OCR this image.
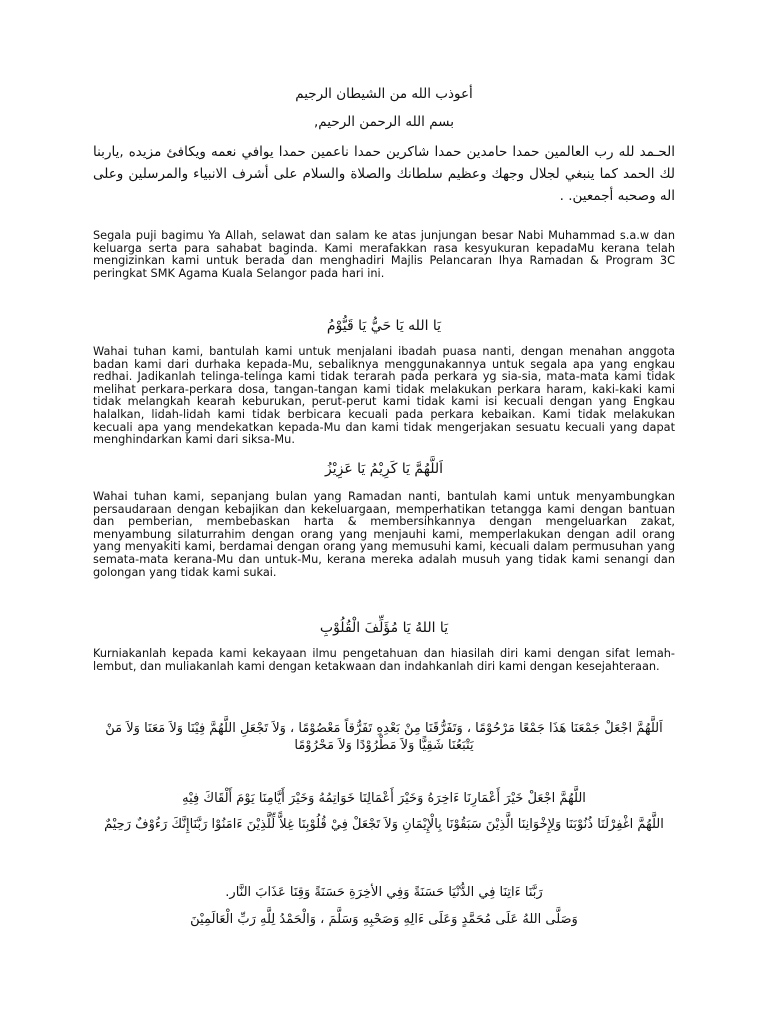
أعوذب الله من الشيطان الرجيم
بسم الله الرحمن الرحيم,
الحـمد لله رب العالمين حمدا حامدين حمدا شاكرين حمدا ناعمين حمدا يوافي نعمه ويكافئ مزيده ,ياربنا لك الحمد كما ينبغي لجلال وجهك وعظيم سلطانك والصلاة والسلام على أشرف الانبياء والمرسلين وعلى اله وصحبه أجمعين. .
Segala puji bagimu Ya Allah, selawat dan salam ke atas junjungan besar Nabi Muhammad s.a.w dan keluarga serta para sahabat baginda. Kami merafakkan rasa kesyukuran kepadaMu kerana telah mengizinkan kami untuk berada dan menghadiri Majlis Pelancaran Ihya Ramadan & Program 3C peringkat SMK Agama Kuala Selangor pada hari ini.
يَا الله يَا حَيُّ يَا قَيُّوْمُ
Wahai tuhan kami, bantulah kami untuk menjalani ibadah puasa nanti, dengan menahan anggota badan kami dari durhaka kepada-Mu, sebaliknya menggunakannya untuk segala apa yang engkau redhai. Jadikanlah telinga-telinga kami tidak terarah pada perkara yg sia-sia, mata-mata kami tidak melihat perkara-perkara dosa, tangan-tangan kami tidak melakukan perkara haram, kaki-kaki kami tidak melangkah kearah keburukan, perut-perut kami tidak kami isi kecuali dengan yang Engkau halalkan, lidah-lidah kami tidak berbicara kecuali pada perkara kebaikan. Kami tidak melakukan kecuali apa yang mendekatkan kepada-Mu dan kami tidak mengerjakan sesuatu kecuali yang dapat menghindarkan kami dari siksa-Mu.
اَللَّهُمَّ يَا كَرِيْمُ يَا عَزِيْزُ
Wahai tuhan kami, sepanjang bulan yang Ramadan nanti, bantulah kami untuk menyambungkan persaudaraan dengan kebajikan dan kekeluargaan, memperhatikan tetangga kami dengan bantuan dan pemberian, membebaskan harta & membersihkannya dengan mengeluarkan zakat, menyambung silaturrahim dengan orang yang menjauhi kami, memperlakukan dengan adil orang yang menyakiti kami, berdamai dengan orang yang memusuhi kami, kecuali dalam permusuhan yang semata-mata kerana-Mu dan untuk-Mu, kerana mereka adalah musuh yang tidak kami senangi dan golongan yang tidak kami sukai.
يَا اللهُ يَا مُؤَلِّفَ الْقُلُوْبِ
Kurniakanlah kepada kami kekayaan ilmu pengetahuan dan hiasilah diri kami dengan sifat lemah-lembut, dan muliakanlah kami dengan ketakwaan dan indahkanlah diri kami dengan kesejahteraan.
اَللَّهُمَّ اجْعَلْ جَمْعَنَا هَذَا جَمْعًا مَرْحُوْمًا ، وَتَفَرُّقَنَا مِنْ بَعْدِهِ تَفَرُّقاً مَعْصُوْمًا ، وَلاَ تَجْعَلِ اللَّهُمَّ فِيْنَا وَلاَ مَعَنَا وَلاَ مَنْ يَتْبَعُنَا شَقِيًّا وَلاَ مَطْرُوْدًا وَلاَ مَحْرُوْمًا
اللَّهُمَّ اجْعَلْ خَيْرَ أَعْمَارِنَا ءَاخِرَهُ وَخَيْرَ أَعْمَالِنَا خَوَاتِمُهُ وَخَيْرَ أَيَّامِنَا يَوْمَ أَلْقَاكَ فِيْهِ
اللَّهُمَّ اغْفِرْلَنَا ذُنُوْبَنَا وَلِإِخْوَانِنَا الَّذِيْنَ سَبَقُوْنَا بِالْإِيْمَانِ وَلاَ تَجْعَلْ فِيْ قُلُوْبِنَا غِلاًّ لِّلَّذِيْنَ ءَامَنُوْا رَبَّنَاإِنَّكَ رَءُوْفٌ رَحِيْمٌ
رَبَّنَا ءَاتِنَا فِي الدُّنْيَا حَسَنَةً وَفِي الأخِرَةِ حَسَنَةً وَقِنَا عَذَابَ النَّار.
وَصَلَّى اللهُ عَلَى مُحَمَّدٍ وَعَلَى ءَالِهِ وَصَحْبِهِ وَسَلَّمَ ، وَالْحَمْدُ لِلَّهِ رَبِّ الْعَالَمِيْنَ
